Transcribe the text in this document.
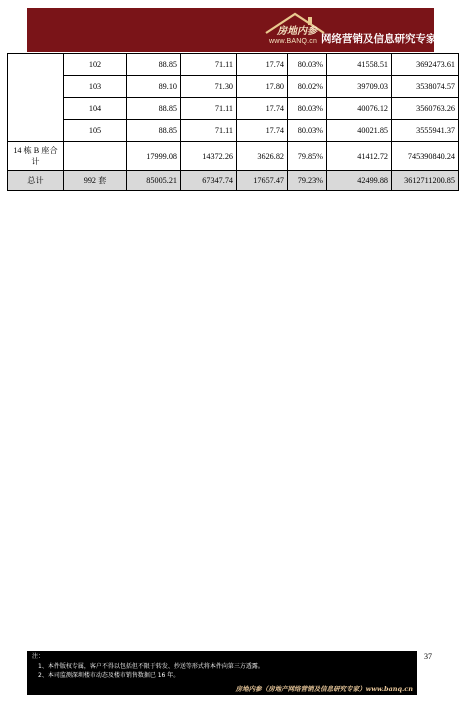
房地内参
www.BANQ.cn 网络营销及信息研究专家
	102	88.85	71.11	17.74	80.03%	41558.51	3692473.61
	103	89.10	71.30	17.80	80.02%	39709.03	3538074.57
	104	88.85	71.11	17.74	80.03%	40076.12	3560763.26
	105	88.85	71.11	17.74	80.03%	40021.85	3555941.37
14 栋 B 座合计		17999.08	14372.26	3626.82	79.85%	41412.72	745390840.24
总计	992 套	85005.21	67347.74	17657.47	79.23%	42499.88	3612711200.85
37
注：
1、本件版权专属，客户不得以包括但不限于转发、抄送等形式将本件向第三方透露。
2、本司监测深圳楼市动态及楼市销售数据已 16 年。
房地内参（房地产网络营销及信息研究专家）www.banq.cn
